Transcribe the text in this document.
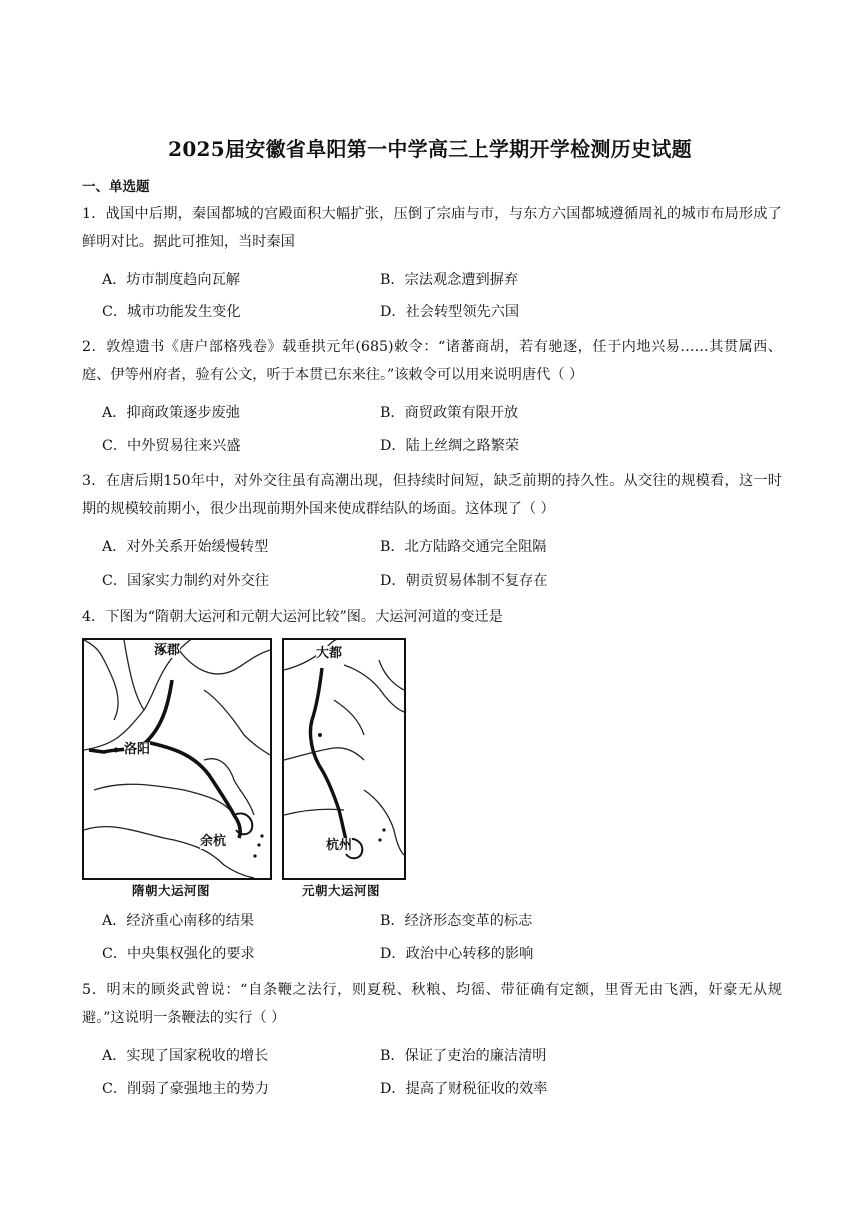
2025届安徽省阜阳第一中学高三上学期开学检测历史试题
一、单选题
1．战国中后期，秦国都城的宫殿面积大幅扩张，压倒了宗庙与市，与东方六国都城遵循周礼的城市布局形成了鲜明对比。据此可推知，当时秦国
A．坊市制度趋向瓦解	B．宗法观念遭到摒弃
C．城市功能发生变化	D．社会转型领先六国
2．敦煌遗书《唐户部格残卷》载垂拱元年(685)敕令：“诸蕃商胡，若有驰逐，任于内地兴易……其贯属西、庭、伊等州府者，验有公文，听于本贯已东来往。”该敕令可以用来说明唐代（ ）
A．抑商政策逐步废弛	B．商贸政策有限开放
C．中外贸易往来兴盛	D．陆上丝绸之路繁荣
3．在唐后期150年中，对外交往虽有高潮出现，但持续时间短，缺乏前期的持久性。从交往的规模看，这一时期的规模较前期小，很少出现前期外国来使成群结队的场面。这体现了（ ）
A．对外关系开始缓慢转型	B．北方陆路交通完全阻隔
C．国家实力制约对外交往	D．朝贡贸易体制不复存在
4．下图为“隋朝大运河和元朝大运河比较”图。大运河河道的变迁是
涿郡
洛阳
余杭
隋朝大运河图
大都
杭州
元朝大运河图
A．经济重心南移的结果	B．经济形态变革的标志
C．中央集权强化的要求	D．政治中心转移的影响
5．明末的顾炎武曾说：“自条鞭之法行，则夏税、秋粮、均徭、带征确有定额，里胥无由飞洒，奸豪无从规避。”这说明一条鞭法的实行（ ）
A．实现了国家税收的增长	B．保证了吏治的廉洁清明
C．削弱了豪强地主的势力	D．提高了财税征收的效率
